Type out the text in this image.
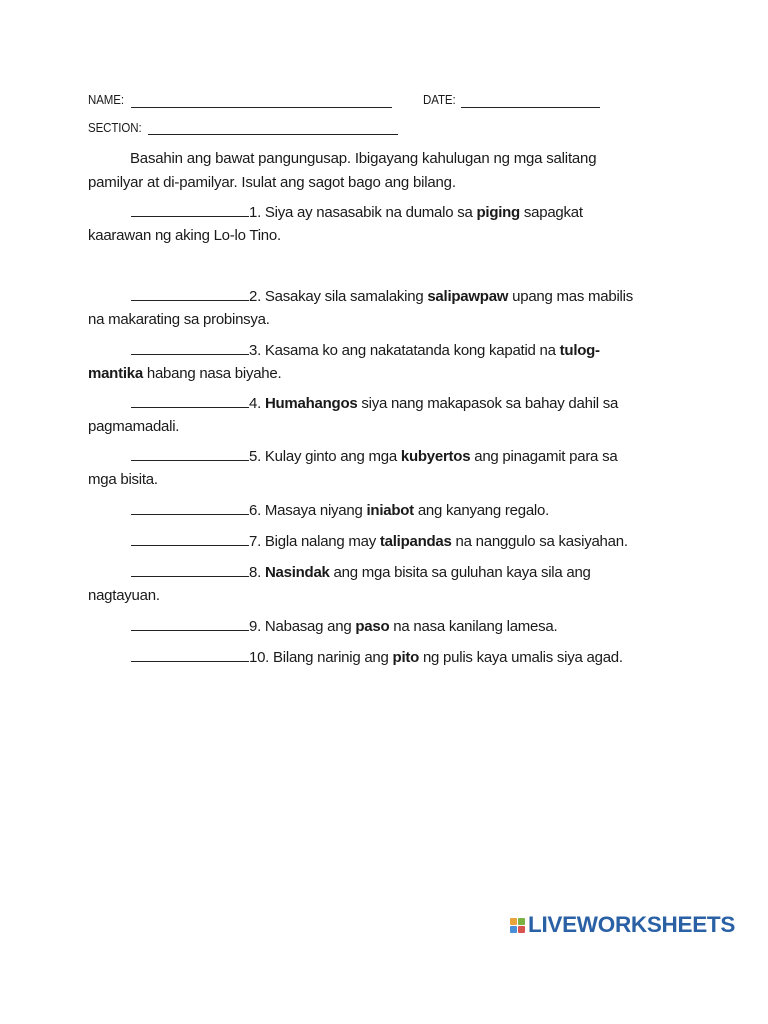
NAME:	DATE:
SECTION:
Basahin ang bawat pangungusap. Ibigayang kahulugan ng mga salitang pamilyar at di-pamilyar. Isulat ang sagot bago ang bilang.
1. Siya ay nasasabik na dumalo sa piging sapagkat kaarawan ng aking Lo-lo Tino.
2. Sasakay sila samalaking salipawpaw upang mas mabilis na makarating sa probinsya.
3. Kasama ko ang nakatatanda kong kapatid na tulog-mantika habang nasa biyahe.
4. Humahangos siya nang makapasok sa bahay dahil sa pagmamadali.
5. Kulay ginto ang mga kubyertos ang pinagamit para sa mga bisita.
6. Masaya niyang iniabot ang kanyang regalo.
7. Bigla nalang may talipandas na nanggulo sa kasiyahan.
8. Nasindak ang mga bisita sa guluhan kaya sila ang nagtayuan.
9. Nabasag ang paso na nasa kanilang lamesa.
10. Bilang narinig ang pito ng pulis kaya umalis siya agad.
LIVEWORKSHEETS
